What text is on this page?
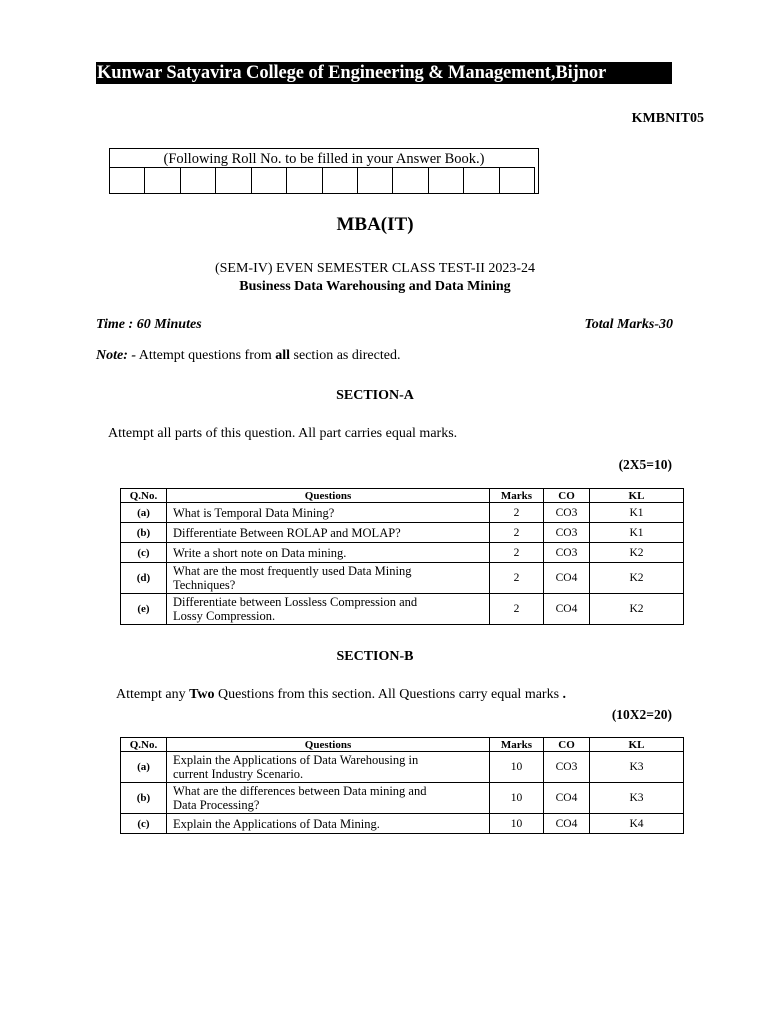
Kunwar Satyavira College of Engineering & Management,Bijnor
KMBNIT05
(Following Roll No. to be filled in your Answer Book.)
MBA(IT)
(SEM-IV) EVEN SEMESTER CLASS TEST-II 2023-24
Business Data Warehousing and Data Mining
Time : 60 Minutes	Total Marks-30
Note: - Attempt questions from all section as directed.
SECTION-A
Attempt all parts of this question. All part carries equal marks.
(2X5=10)
Q.No.	Questions	Marks	CO	KL
(a)	What is Temporal Data Mining?	2	CO3	K1
(b)	Differentiate Between ROLAP and MOLAP?	2	CO3	K1
(c)	Write a short note on Data mining.	2	CO3	K2
(d)	What are the most frequently used Data Mining
Techniques?	2	CO4	K2
(e)	Differentiate between Lossless Compression and
Lossy Compression.	2	CO4	K2
SECTION-B
Attempt any Two Questions from this section. All Questions carry equal marks .
(10X2=20)
Q.No.	Questions	Marks	CO	KL
(a)	Explain the Applications of Data Warehousing in
current Industry Scenario.	10	CO3	K3
(b)	What are the differences between Data mining and
Data Processing?	10	CO4	K3
(c)	Explain the Applications of Data Mining.	10	CO4	K4
